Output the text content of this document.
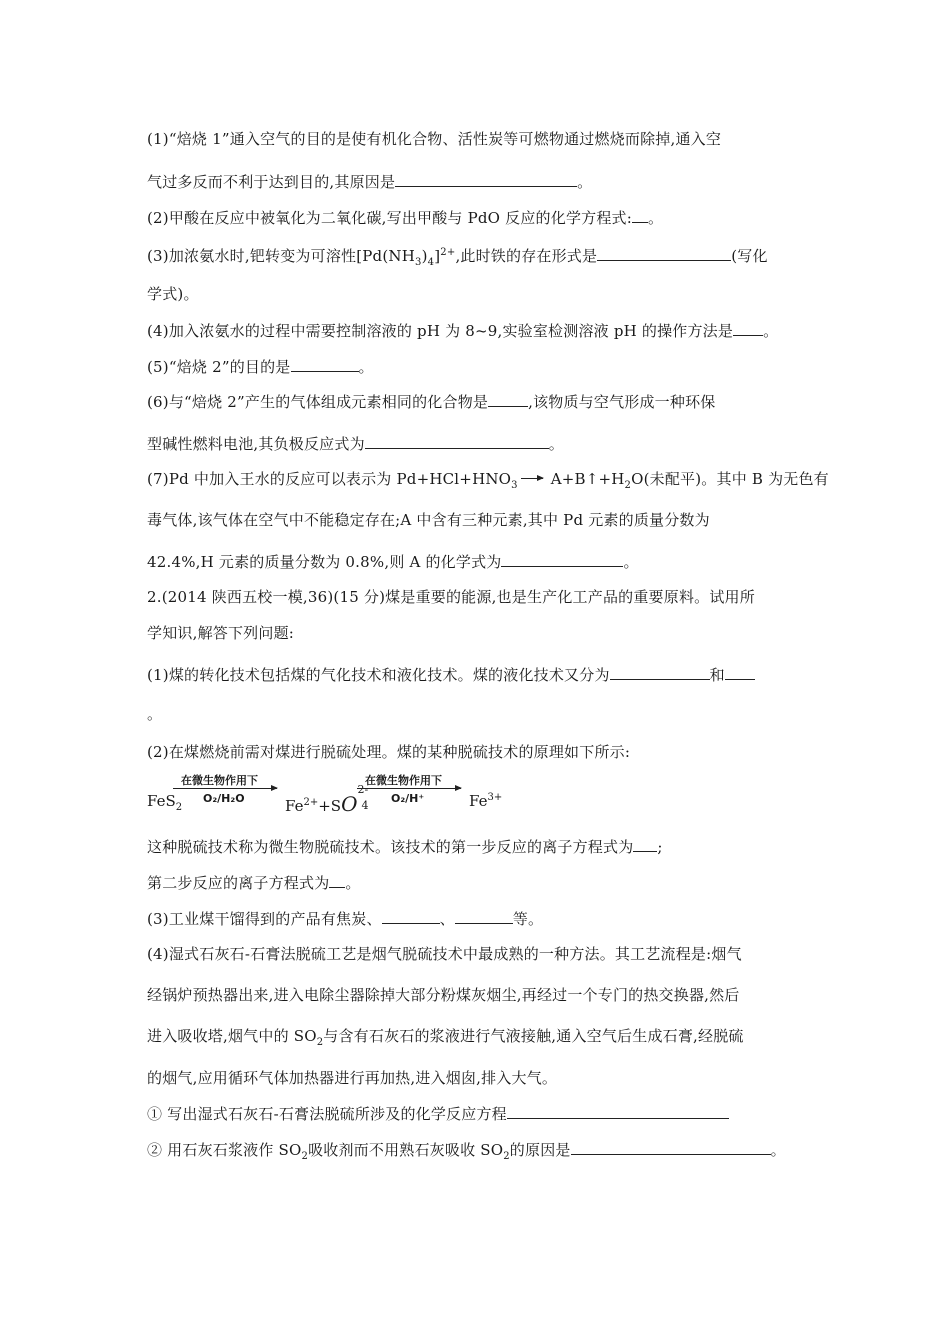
(1)“焙烧 1”通入空气的目的是使有机化合物、活性炭等可燃物通过燃烧而除掉,通入空
气过多反而不利于达到目的,其原因是	。
(2)甲酸在反应中被氧化为二氧化碳,写出甲酸与 PdO 反应的化学方程式: 。
(3)加浓氨水时,钯转变为可溶性$[Pd(NH_3)_4]^{2+}$,此时铁的存在形式是	(写化
学式)。
(4)加入浓氨水的过程中需要控制溶液的 pH 为 8~9,实验室检测溶液 pH 的操作方法是 。
(5)“焙烧 2”的目的是	。
(6)与“焙烧 2”产生的气体组成元素相同的化合物是	,该物质与空气形成一种环保
型碱性燃料电池,其负极反应式为	。
(7)Pd 中加入王水的反应可以表示为 $Pd+HCl+HNO_3$ → $A+B↑+H_2O$(未配平)。其中 B 为无色有
毒气体,该气体在空气中不能稳定存在;A 中含有三种元素,其中 Pd 元素的质量分数为
42.4%,H 元素的质量分数为 0.8%,则 A 的化学式为	。
2.(2014 陕西五校一模,36)(15 分)煤是重要的能源,也是生产化工产品的重要原料。试用所
学知识,解答下列问题:
(1)煤的转化技术包括煤的气化技术和液化技术。煤的液化技术又分为	和
。
(2)在煤燃烧前需对煤进行脱硫处理。煤的某种脱硫技术的原理如下所示:
FeS$_2$
在微生物作用下
O₂/H₂O	$Fe^{2+}+SO$
2-
4
在微生物作用下
O₂/H⁺	$Fe^{3+}$
这种脱硫技术称为微生物脱硫技术。该技术的第一步反应的离子方程式为 ;
第二步反应的离子方程式为 。
(3)工业煤干馏得到的产品有焦炭、	、	等。
(4)湿式石灰石-石膏法脱硫工艺是烟气脱硫技术中最成熟的一种方法。其工艺流程是:烟气
经锅炉预热器出来,进入电除尘器除掉大部分粉煤灰烟尘,再经过一个专门的热交换器,然后
进入吸收塔,烟气中的 $SO_2$与含有石灰石的浆液进行气液接触,通入空气后生成石膏,经脱硫
的烟气,应用循环气体加热器进行再加热,进入烟囱,排入大气。
① 写出湿式石灰石-石膏法脱硫所涉及的化学反应方程
② 用石灰石浆液作 $SO_2$吸收剂而不用熟石灰吸收 $SO_2$的原因是	。
